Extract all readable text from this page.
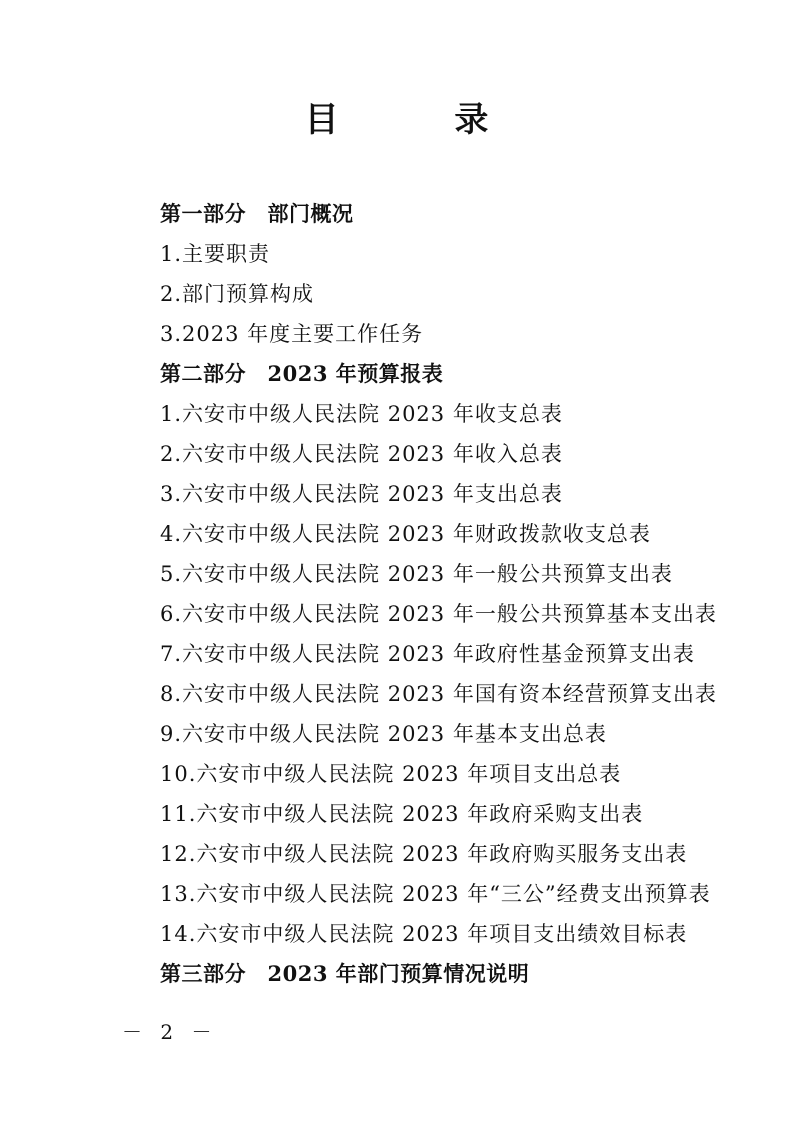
目 录
第一部分　部门概况
1.主要职责
2.部门预算构成
3.2023 年度主要工作任务
第二部分　2023 年预算报表
1.六安市中级人民法院 2023 年收支总表
2.六安市中级人民法院 2023 年收入总表
3.六安市中级人民法院 2023 年支出总表
4.六安市中级人民法院 2023 年财政拨款收支总表
5.六安市中级人民法院 2023 年一般公共预算支出表
6.六安市中级人民法院 2023 年一般公共预算基本支出表
7.六安市中级人民法院 2023 年政府性基金预算支出表
8.六安市中级人民法院 2023 年国有资本经营预算支出表
9.六安市中级人民法院 2023 年基本支出总表
10.六安市中级人民法院 2023 年项目支出总表
11.六安市中级人民法院 2023 年政府采购支出表
12.六安市中级人民法院 2023 年政府购买服务支出表
13.六安市中级人民法院 2023 年“三公”经费支出预算表
14.六安市中级人民法院 2023 年项目支出绩效目标表
第三部分　2023 年部门预算情况说明
－ 2 －
